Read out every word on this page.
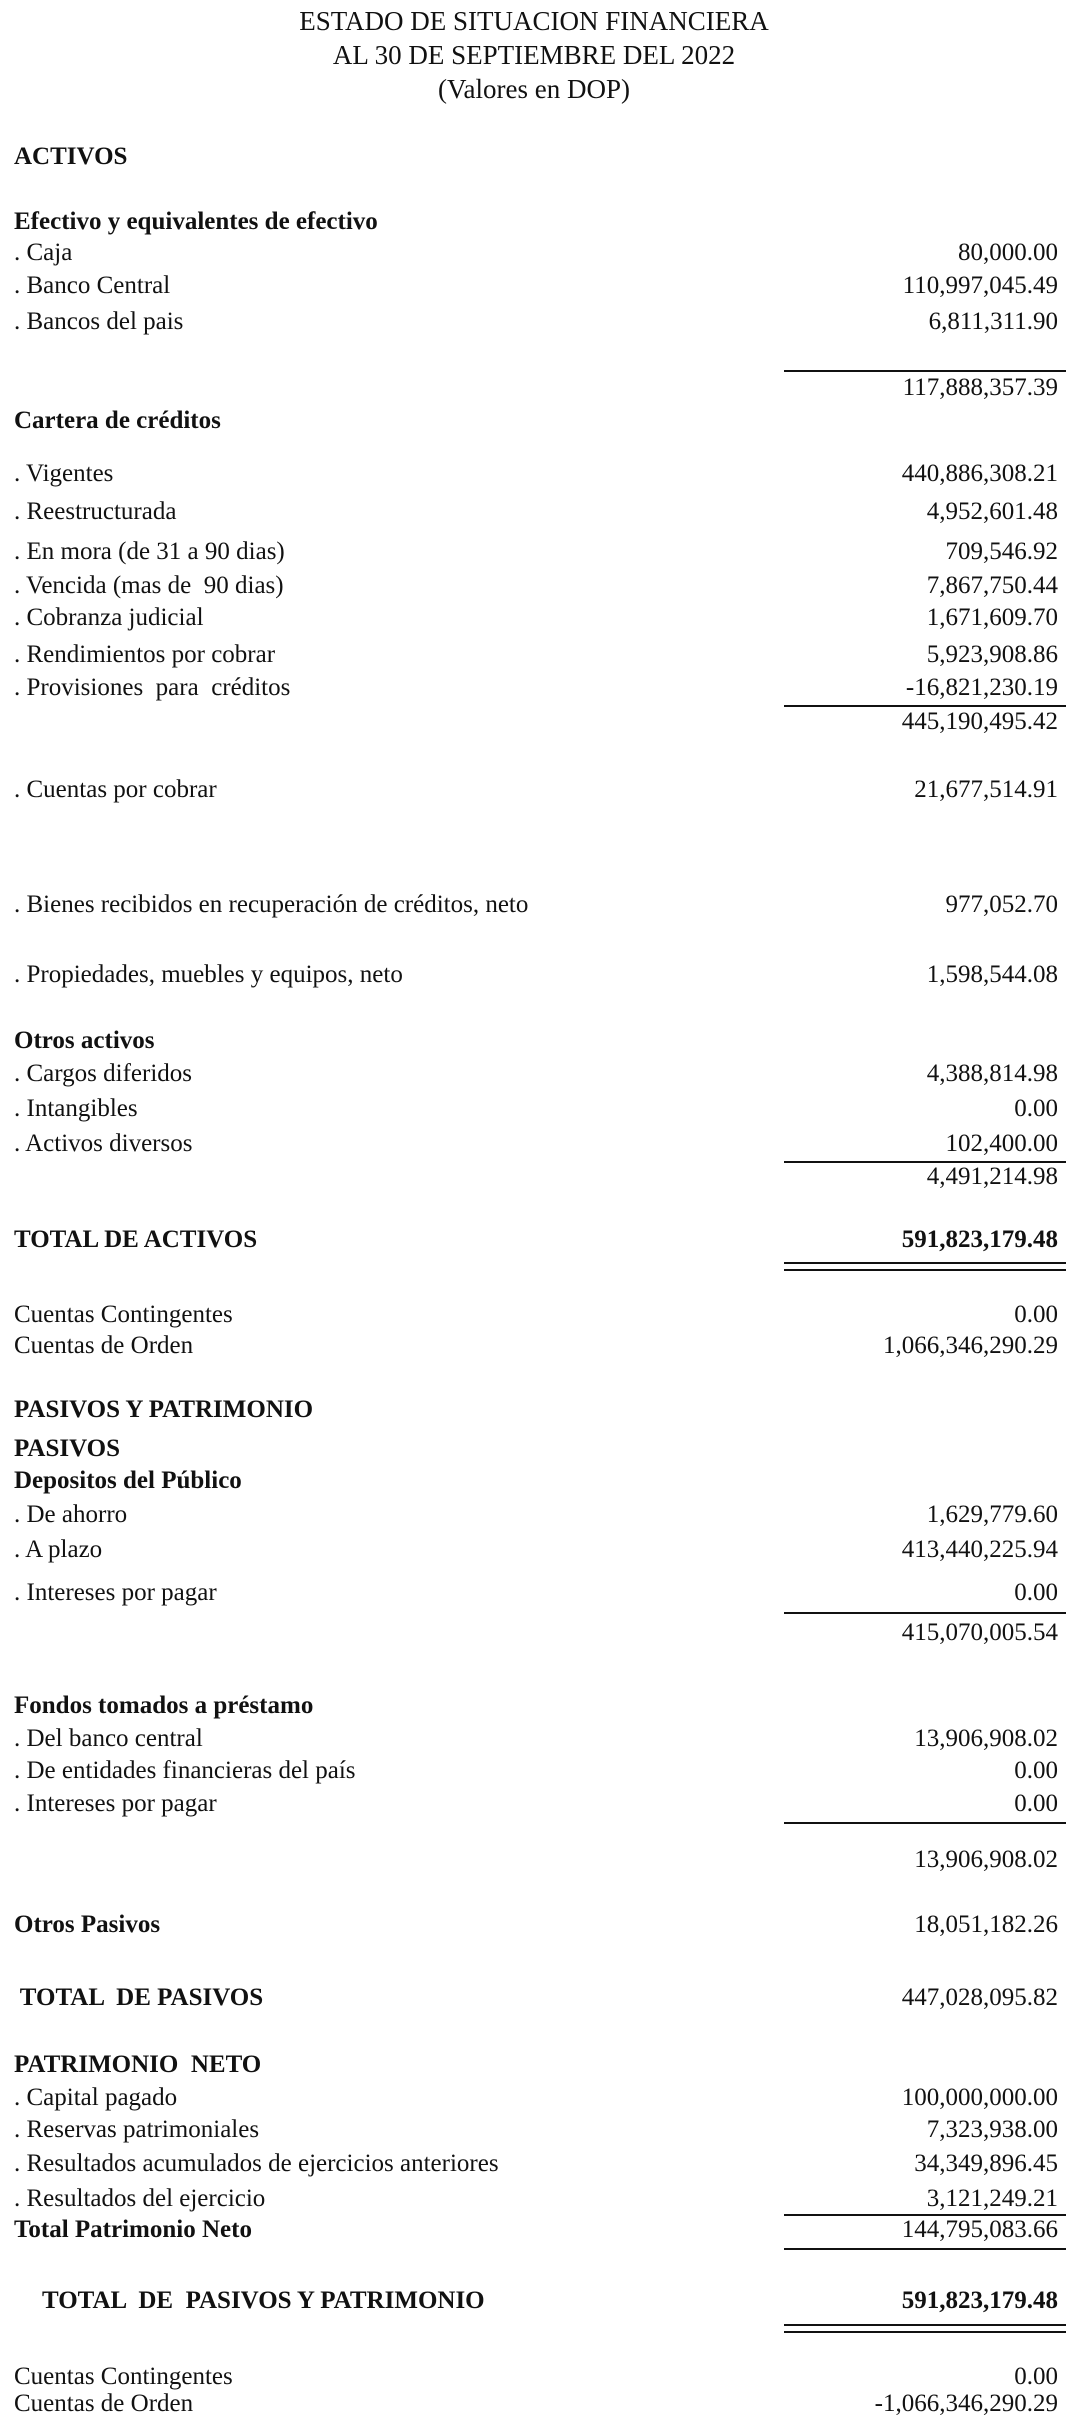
ESTADO DE SITUACION FINANCIERA
AL 30 DE SEPTIEMBRE DEL 2022
(Valores en DOP)
ACTIVOS
Efectivo y equivalentes de efectivo
. Caja	80,000.00
. Banco Central	110,997,045.49
. Bancos del pais	6,811,311.90
117,888,357.39
Cartera de créditos
. Vigentes	440,886,308.21
. Reestructurada	4,952,601.48
. En mora (de 31 a 90 dias)	709,546.92
. Vencida (mas de  90 dias)	7,867,750.44
. Cobranza judicial	1,671,609.70
. Rendimientos por cobrar	5,923,908.86
. Provisiones  para  créditos	-16,821,230.19
445,190,495.42
. Cuentas por cobrar	21,677,514.91
. Bienes recibidos en recuperación de créditos, neto	977,052.70
. Propiedades, muebles y equipos, neto	1,598,544.08
Otros activos
. Cargos diferidos	4,388,814.98
. Intangibles	0.00
. Activos diversos	102,400.00
4,491,214.98
TOTAL DE ACTIVOS	591,823,179.48
Cuentas Contingentes	0.00
Cuentas de Orden	1,066,346,290.29
PASIVOS Y PATRIMONIO
PASIVOS
Depositos del Público
. De ahorro	1,629,779.60
. A plazo	413,440,225.94
. Intereses por pagar	0.00
415,070,005.54
Fondos tomados a préstamo
. Del banco central	13,906,908.02
. De entidades financieras del país	0.00
. Intereses por pagar	0.00
13,906,908.02
Otros Pasivos	18,051,182.26
TOTAL  DE PASIVOS	447,028,095.82
PATRIMONIO  NETO
. Capital pagado	100,000,000.00
. Reservas patrimoniales	7,323,938.00
. Resultados acumulados de ejercicios anteriores	34,349,896.45
. Resultados del ejercicio	3,121,249.21
Total Patrimonio Neto	144,795,083.66
TOTAL  DE  PASIVOS Y PATRIMONIO	591,823,179.48
Cuentas Contingentes	0.00
Cuentas de Orden	-1,066,346,290.29
